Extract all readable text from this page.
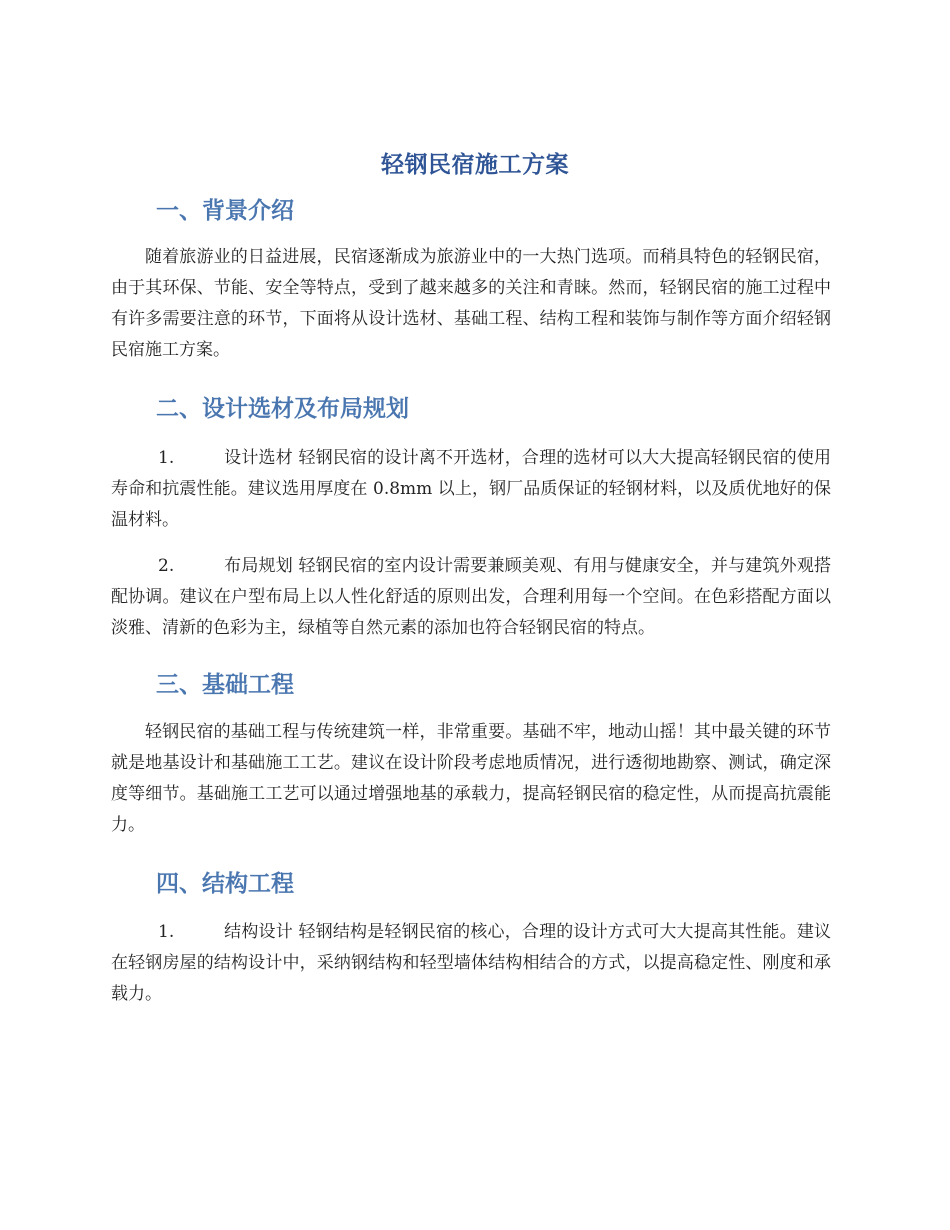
轻钢民宿施工方案
一、背景介绍
随着旅游业的日益进展，民宿逐渐成为旅游业中的一大热门选项。而稍具特色的轻钢民宿，由于其环保、节能、安全等特点，受到了越来越多的关注和青睐。然而，轻钢民宿的施工过程中有许多需要注意的环节，下面将从设计选材、基础工程、结构工程和装饰与制作等方面介绍轻钢民宿施工方案。
二、设计选材及布局规划
1.	设计选材 轻钢民宿的设计离不开选材，合理的选材可以大大提高轻钢民宿的使用寿命和抗震性能。建议选用厚度在 0.8mm 以上，钢厂品质保证的轻钢材料，以及质优地好的保温材料。
2.	布局规划 轻钢民宿的室内设计需要兼顾美观、有用与健康安全，并与建筑外观搭配协调。建议在户型布局上以人性化舒适的原则出发，合理利用每一个空间。在色彩搭配方面以淡雅、清新的色彩为主，绿植等自然元素的添加也符合轻钢民宿的特点。
三、基础工程
轻钢民宿的基础工程与传统建筑一样，非常重要。基础不牢，地动山摇！其中最关键的环节就是地基设计和基础施工工艺。建议在设计阶段考虑地质情况，进行透彻地勘察、测试，确定深度等细节。基础施工工艺可以通过增强地基的承载力，提高轻钢民宿的稳定性，从而提高抗震能力。
四、结构工程
1.	结构设计 轻钢结构是轻钢民宿的核心，合理的设计方式可大大提高其性能。建议在轻钢房屋的结构设计中，采纳钢结构和轻型墙体结构相结合的方式，以提高稳定性、刚度和承载力。
